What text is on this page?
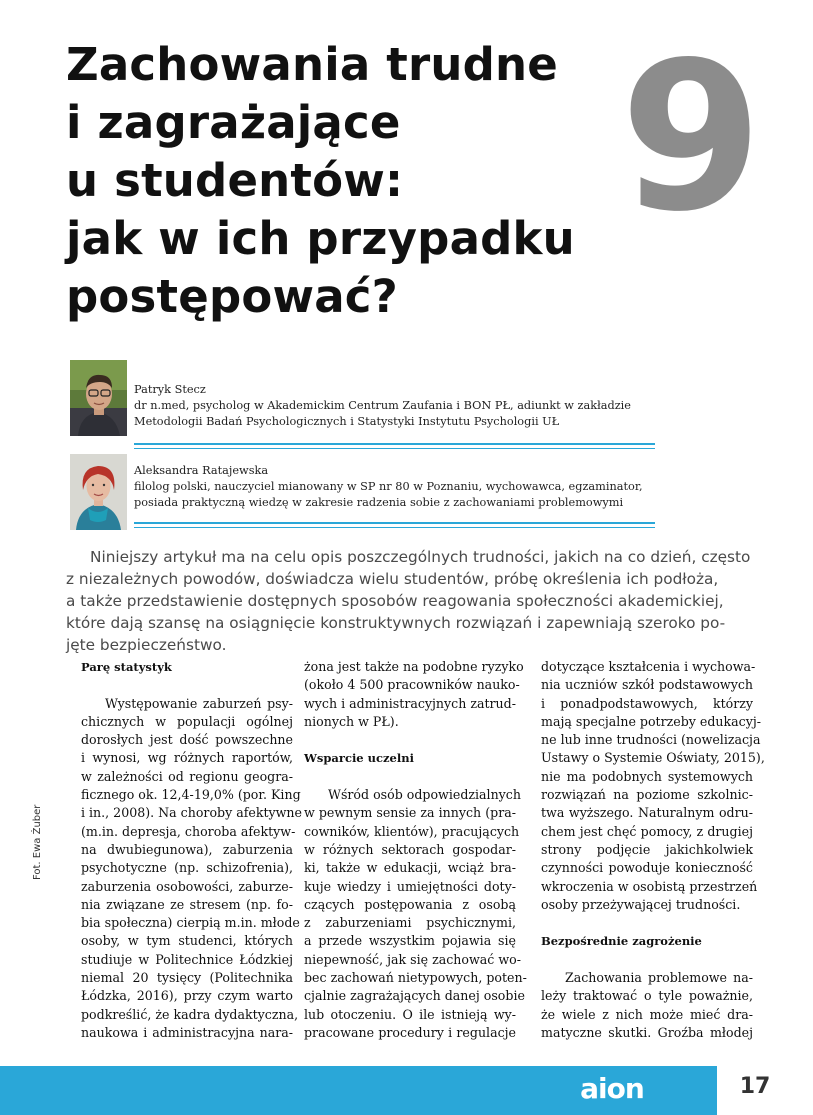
Zachowania trudne
i zagrażające
u studentów:
jak w ich przypadku
postępować?
9
Patryk Stecz
dr n.med, psycholog w Akademickim Centrum Zaufania i BON PŁ, adiunkt w zakładzie
Metodologii Badań Psychologicznych i Statystyki Instytutu Psychologii UŁ
Aleksandra Ratajewska
filolog polski, nauczyciel mianowany w SP nr 80 w Poznaniu, wychowawca, egzaminator,
posiada praktyczną wiedzę w zakresie radzenia sobie z zachowaniami problemowymi
Niniejszy artykuł ma na celu opis poszczególnych trudności, jakich na co dzień, często
z niezależnych powodów, doświadcza wielu studentów, próbę określenia ich podłoża,
a także przedstawienie dostępnych sposobów reagowania społeczności akademickiej,
które dają szansę na osiągnięcie konstruktywnych rozwiązań i zapewniają szeroko po-
jęte bezpieczeństwo.
Parę statystyk
Występowanie zaburzeń psy-
chicznych w populacji ogólnej
dorosłych jest dość powszechne
i wynosi, wg różnych raportów,
w zależności od regionu geogra-
ficznego ok. 12,4-19,0% (por. King
i in., 2008). Na choroby afektywne
(m.in. depresja, choroba afektyw-
na dwubiegunowa), zaburzenia
psychotyczne (np. schizofrenia),
zaburzenia osobowości, zaburze-
nia związane ze stresem (np. fo-
bia społeczna) cierpią m.in. młode
osoby, w tym studenci, których
studiuje w Politechnice Łódzkiej
niemal 20 tysięcy (Politechnika
Łódzka, 2016), przy czym warto
podkreślić, że kadra dydaktyczna,
naukowa i administracyjna nara-
żona jest także na podobne ryzyko
(około 4 500 pracowników nauko-
wych i administracyjnych zatrud-
nionych w PŁ).
Wsparcie uczelni
Wśród osób odpowiedzialnych
w pewnym sensie za innych (pra-
cowników, klientów), pracujących
w różnych sektorach gospodar-
ki, także w edukacji, wciąż bra-
kuje wiedzy i umiejętności doty-
czących postępowania z osobą
z zaburzeniami psychicznymi,
a przede wszystkim pojawia się
niepewność, jak się zachować wo-
bec zachowań nietypowych, poten-
cjalnie zagrażających danej osobie
lub otoczeniu. O ile istnieją wy-
pracowane procedury i regulacje
dotyczące kształcenia i wychowa-
nia uczniów szkół podstawowych
i ponadpodstawowych, którzy
mają specjalne potrzeby edukacyj-
ne lub inne trudności (nowelizacja
Ustawy o Systemie Oświaty, 2015),
nie ma podobnych systemowych
rozwiązań na poziome szkolnic-
twa wyższego. Naturalnym odru-
chem jest chęć pomocy, z drugiej
strony podjęcie jakichkolwiek
czynności powoduje konieczność
wkroczenia w osobistą przestrzeń
osoby przeżywającej trudności.
Bezpośrednie zagrożenie
Zachowania problemowe na-
leży traktować o tyle poważnie,
że wiele z nich może mieć dra-
matyczne skutki. Groźba młodej
Fot. Ewa Żuber
aion	17
